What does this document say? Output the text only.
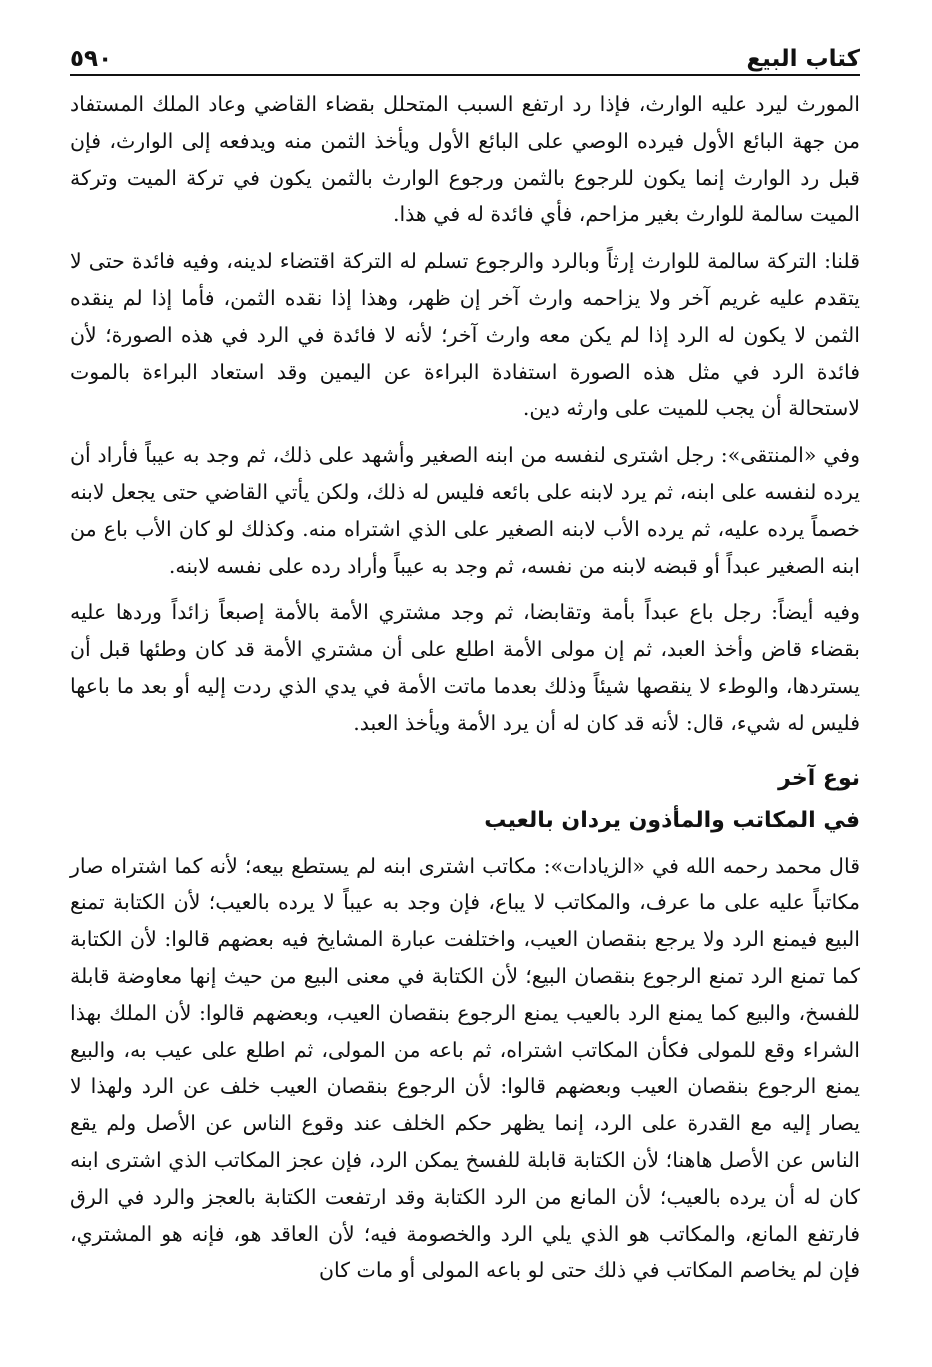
كتاب البيع
٥٩٠

المورث ليرد عليه الوارث، فإذا رد ارتفع السبب المتحلل بقضاء القاضي وعاد الملك المستفاد من جهة البائع الأول فيرده الوصي على البائع الأول ويأخذ الثمن منه ويدفعه إلى الوارث، فإن قبل رد الوارث إنما يكون للرجوع بالثمن ورجوع الوارث بالثمن يكون في تركة الميت وتركة الميت سالمة للوارث بغير مزاحم، فأي فائدة له في هذا.

قلنا: التركة سالمة للوارث إرثاً وبالرد والرجوع تسلم له التركة اقتضاء لدينه، وفيه فائدة حتى لا يتقدم عليه غريم آخر ولا يزاحمه وارث آخر إن ظهر، وهذا إذا نقده الثمن، فأما إذا لم ينقده الثمن لا يكون له الرد إذا لم يكن معه وارث آخر؛ لأنه لا فائدة في الرد في هذه الصورة؛ لأن فائدة الرد في مثل هذه الصورة استفادة البراءة عن اليمين وقد استعاد البراءة بالموت لاستحالة أن يجب للميت على وارثه دين.

وفي «المنتقى»: رجل اشترى لنفسه من ابنه الصغير وأشهد على ذلك، ثم وجد به عيباً فأراد أن يرده لنفسه على ابنه، ثم يرد لابنه على بائعه فليس له ذلك، ولكن يأتي القاضي حتى يجعل لابنه خصماً يرده عليه، ثم يرده الأب لابنه الصغير على الذي اشتراه منه. وكذلك لو كان الأب باع من ابنه الصغير عبداً أو قبضه لابنه من نفسه، ثم وجد به عيباً وأراد رده على نفسه لابنه.

وفيه أيضاً: رجل باع عبداً بأمة وتقابضا، ثم وجد مشتري الأمة بالأمة إصبعاً زائداً وردها عليه بقضاء قاض وأخذ العبد، ثم إن مولى الأمة اطلع على أن مشتري الأمة قد كان وطئها قبل أن يستردها، والوطء لا ينقصها شيئاً وذلك بعدما ماتت الأمة في يدي الذي ردت إليه أو بعد ما باعها فليس له شيء، قال: لأنه قد كان له أن يرد الأمة ويأخذ العبد.

نوع آخر
في المكاتب والمأذون يردان بالعيب

قال محمد رحمه الله في «الزيادات»: مكاتب اشترى ابنه لم يستطع بيعه؛ لأنه كما اشتراه صار مكاتباً عليه على ما عرف، والمكاتب لا يباع، فإن وجد به عيباً لا يرده بالعيب؛ لأن الكتابة تمنع البيع فيمنع الرد ولا يرجع بنقصان العيب، واختلفت عبارة المشايخ فيه بعضهم قالوا: لأن الكتابة كما تمنع الرد تمنع الرجوع بنقصان البيع؛ لأن الكتابة في معنى البيع من حيث إنها معاوضة قابلة للفسخ، والبيع كما يمنع الرد بالعيب يمنع الرجوع بنقصان العيب، وبعضهم قالوا: لأن الملك بهذا الشراء وقع للمولى فكأن المكاتب اشتراه، ثم باعه من المولى، ثم اطلع على عيب به، والبيع يمنع الرجوع بنقصان العيب وبعضهم قالوا: لأن الرجوع بنقصان العيب خلف عن الرد ولهذا لا يصار إليه مع القدرة على الرد، إنما يظهر حكم الخلف عند وقوع الناس عن الأصل ولم يقع الناس عن الأصل هاهنا؛ لأن الكتابة قابلة للفسخ يمكن الرد، فإن عجز المكاتب الذي اشترى ابنه كان له أن يرده بالعيب؛ لأن المانع من الرد الكتابة وقد ارتفعت الكتابة بالعجز والرد في الرق فارتفع المانع، والمكاتب هو الذي يلي الرد والخصومة فيه؛ لأن العاقد هو، فإنه هو المشتري، فإن لم يخاصم المكاتب في ذلك حتى لو باعه المولى أو مات كان
